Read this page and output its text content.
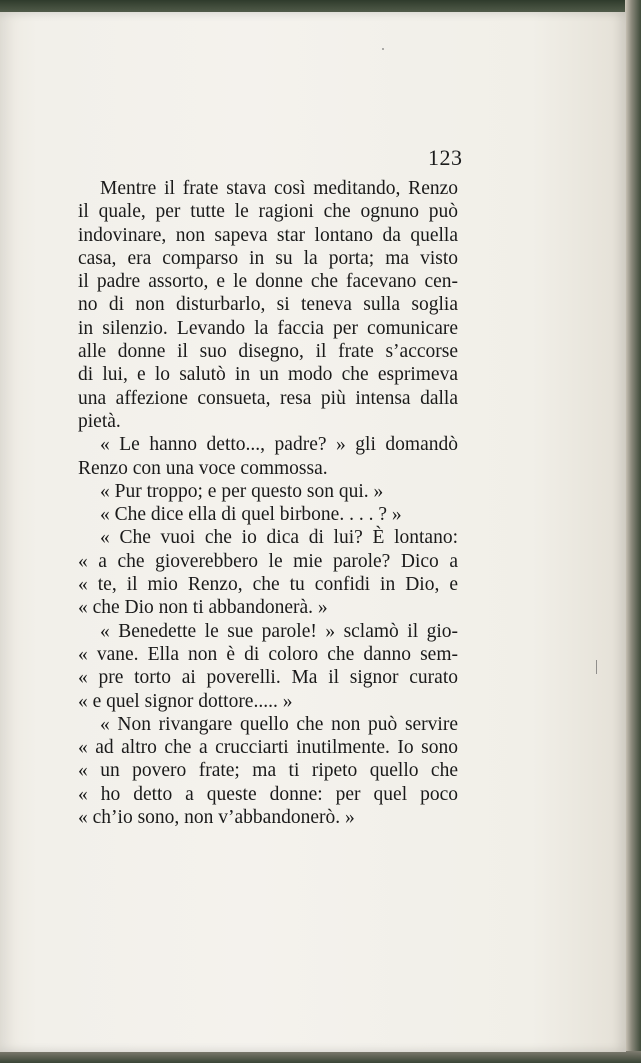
123
Mentre il frate stava così meditando, Renzo
il quale, per tutte le ragioni che ognuno può
indovinare, non sapeva star lontano da quella
casa, era comparso in su la porta; ma visto
il padre assorto, e le donne che facevano cen-
no di non disturbarlo, si teneva sulla soglia
in silenzio. Levando la faccia per comunicare
alle donne il suo disegno, il frate s’accorse
di lui, e lo salutò in un modo che esprimeva
una affezione consueta, resa più intensa dalla
pietà.
« Le hanno detto..., padre? » gli domandò
Renzo con una voce commossa.
« Pur troppo; e per questo son qui. »
« Che dice ella di quel birbone. . . . ? »
« Che vuoi che io dica di lui? È lontano:
« a che gioverebbero le mie parole? Dico a
« te, il mio Renzo, che tu confidi in Dio, e
« che Dio non ti abbandonerà. »
« Benedette le sue parole! » sclamò il gio-
« vane. Ella non è di coloro che danno sem-
« pre torto ai poverelli. Ma il signor curato
« e quel signor dottore..... »
« Non rivangare quello che non può servire
« ad altro che a crucciarti inutilmente. Io sono
« un povero frate; ma ti ripeto quello che
« ho detto a queste donne: per quel poco
« ch’io sono, non v’abbandonerò. »
